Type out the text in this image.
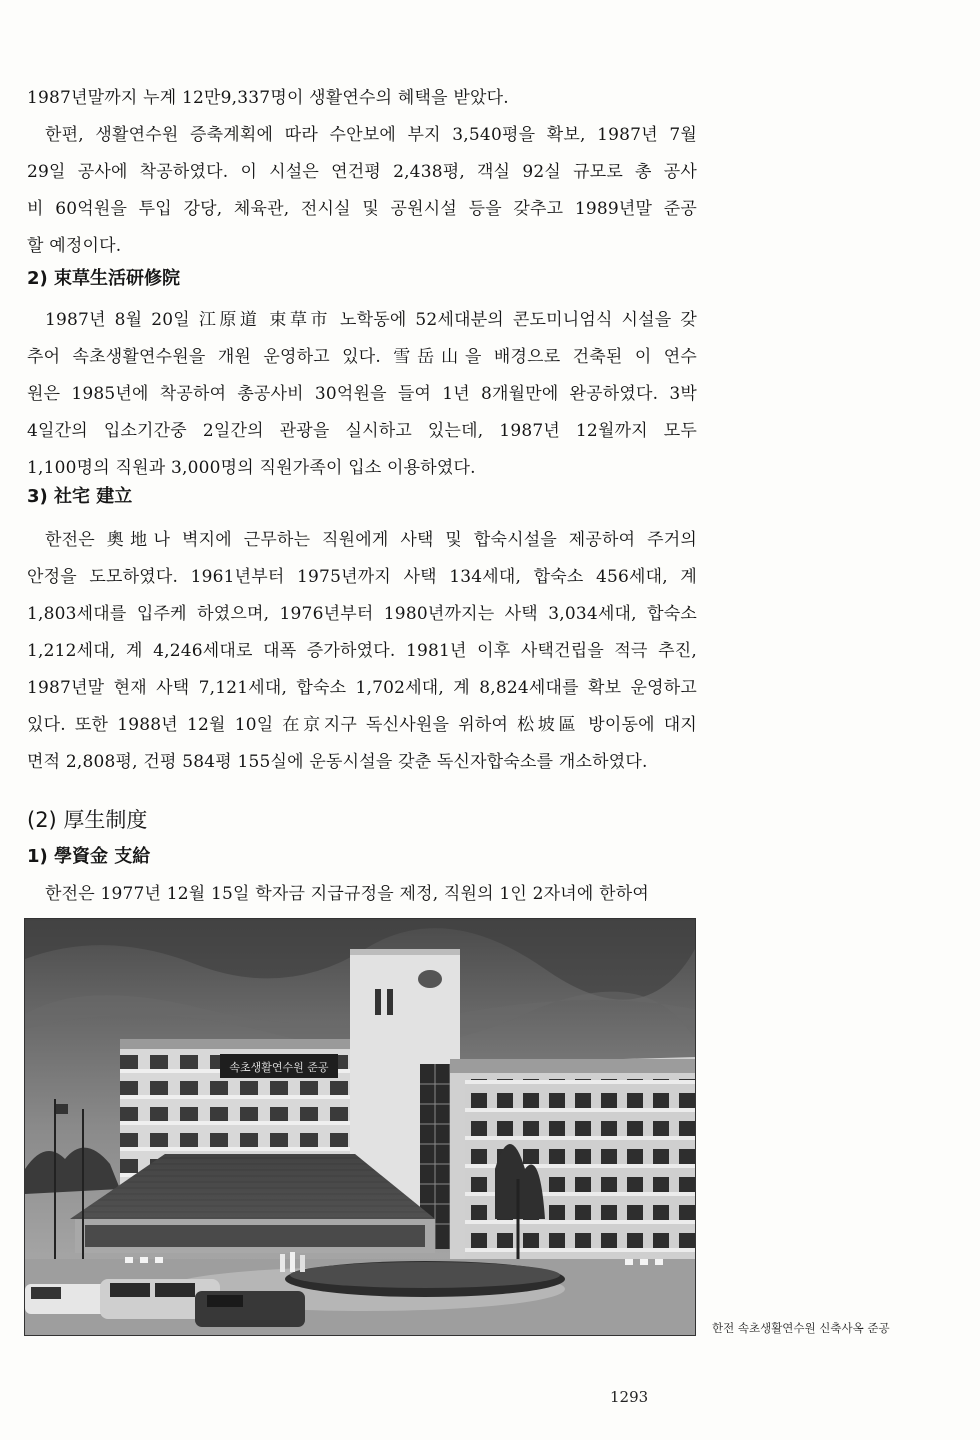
1987년말까지 누계 12만9,337명이 생활연수의 혜택을 받았다.

한편, 생활연수원 증축계획에 따라 수안보에 부지 3,540평을 확보, 1987년 7월
29일 공사에 착공하였다. 이 시설은 연건평 2,438평, 객실 92실 규모로 총 공사
비 60억원을 투입 강당, 체육관, 전시실 및 공원시설 등을 갖추고 1989년말 준공
할 예정이다.

2) 束草生活研修院

1987년 8월 20일 江原道 束草市 노학동에 52세대분의 콘도미니엄식 시설을 갖
추어 속초생활연수원을 개원 운영하고 있다. 雪岳山을 배경으로 건축된 이 연수
원은 1985년에 착공하여 총공사비 30억원을 들여 1년 8개월만에 완공하였다. 3박
4일간의 입소기간중 2일간의 관광을 실시하고 있는데, 1987년 12월까지 모두
1,100명의 직원과 3,000명의 직원가족이 입소 이용하였다.

3) 社宅 建立

한전은 奧地나 벽지에 근무하는 직원에게 사택 및 합숙시설을 제공하여 주거의
안정을 도모하였다. 1961년부터 1975년까지 사택 134세대, 합숙소 456세대, 계
1,803세대를 입주케 하였으며, 1976년부터 1980년까지는 사택 3,034세대, 합숙소
1,212세대, 계 4,246세대로 대폭 증가하였다. 1981년 이후 사택건립을 적극 추진,
1987년말 현재 사택 7,121세대, 합숙소 1,702세대, 계 8,824세대를 확보 운영하고
있다. 또한 1988년 12월 10일 在京지구 독신사원을 위하여 松坡區 방이동에 대지
면적 2,808평, 건평 584평 155실에 운동시설을 갖춘 독신자합숙소를 개소하였다.

(2) 厚生制度
1) 學資金 支給

한전은 1977년 12월 15일 학자금 지급규정을 제정, 직원의 1인 2자녀에 한하여

속초생활연수원 준공
한전 속초생활연수원 신축사옥 준공
1293
